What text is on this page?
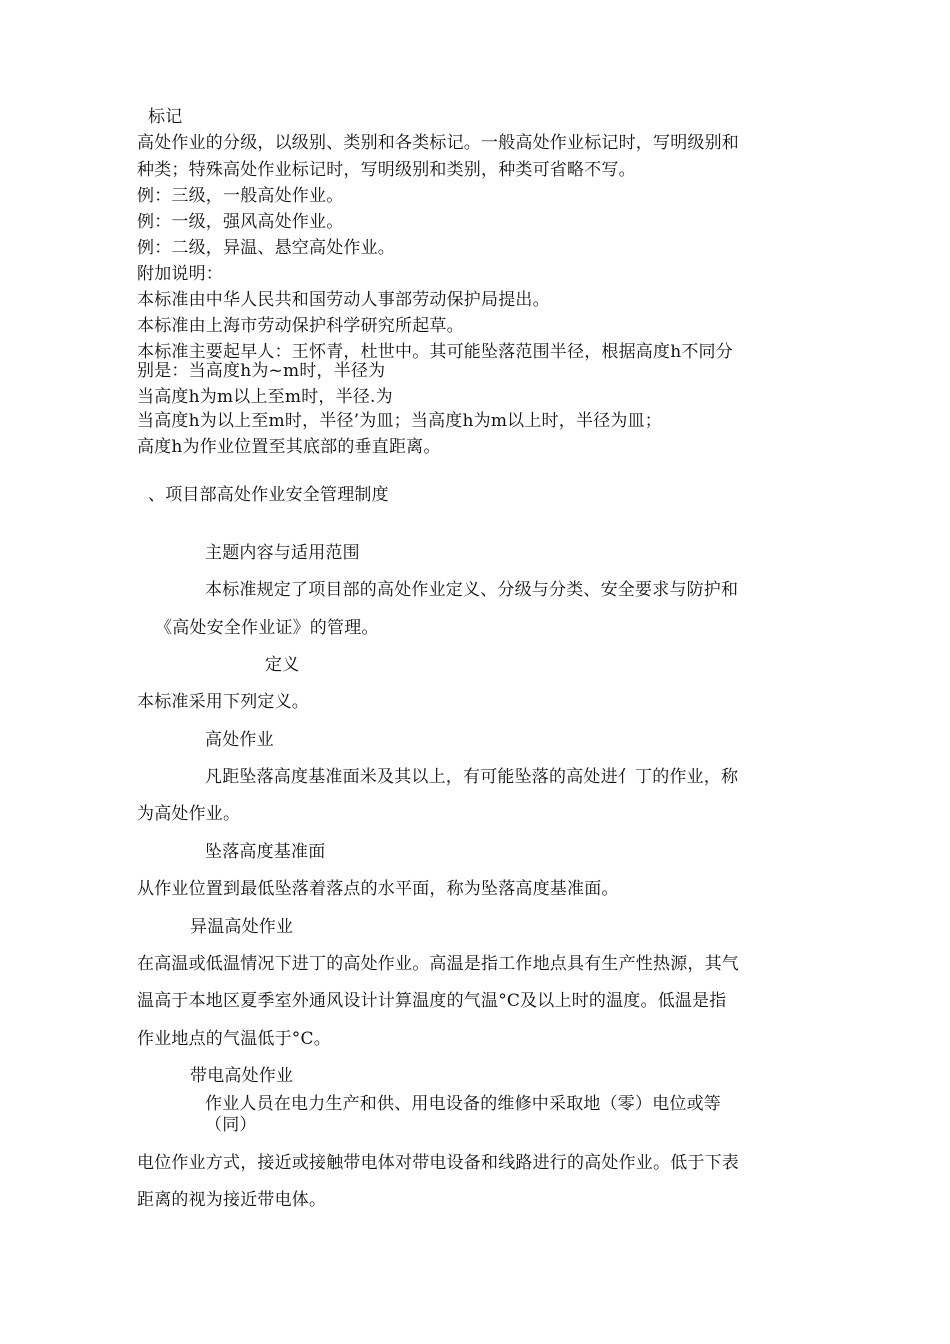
标记
高处作业的分级，以级别、类别和各类标记。一般高处作业标记时，写明级别和
种类；特殊高处作业标记时，写明级别和类别，种类可省略不写。
例：三级，一般高处作业。
例：一级，强风高处作业。
例：二级，异温、悬空高处作业。
附加说明：
本标准由中华人民共和国劳动人事部劳动保护局提出。
本标准由上海市劳动保护科学研究所起草。
本标准主要起早人：王怀青，杜世中。其可能坠落范围半径，根据高度h不同分
别是：当高度h为~m时，半径为
当高度h为m以上至m时，半径.为
当高度h为以上至m时，半径’为皿；当高度h为m以上时，半径为皿；
高度h为作业位置至其底部的垂直距离。
、项目部高处作业安全管理制度
主题内容与适用范围
本标准规定了项目部的高处作业定义、分级与分类、安全要求与防护和
《高处安全作业证》的管理。
定义
本标准采用下列定义。
高处作业
凡距坠落高度基准面米及其以上，有可能坠落的高处进亻丁的作业，称
为高处作业。
坠落高度基准面
从作业位置到最低坠落着落点的水平面，称为坠落高度基准面。
异温高处作业
在高温或低温情况下进丁的高处作业。高温是指工作地点具有生产性热源，其气
温高于本地区夏季室外通风设计计算温度的气温°C及以上时的温度。低温是指
作业地点的气温低于°C。
带电高处作业
作业人员在电力生产和供、用电设备的维修中采取地（零）电位或等
（同）
电位作业方式，接近或接触带电体对带电设备和线路进行的高处作业。低于下表
距离的视为接近带电体。
